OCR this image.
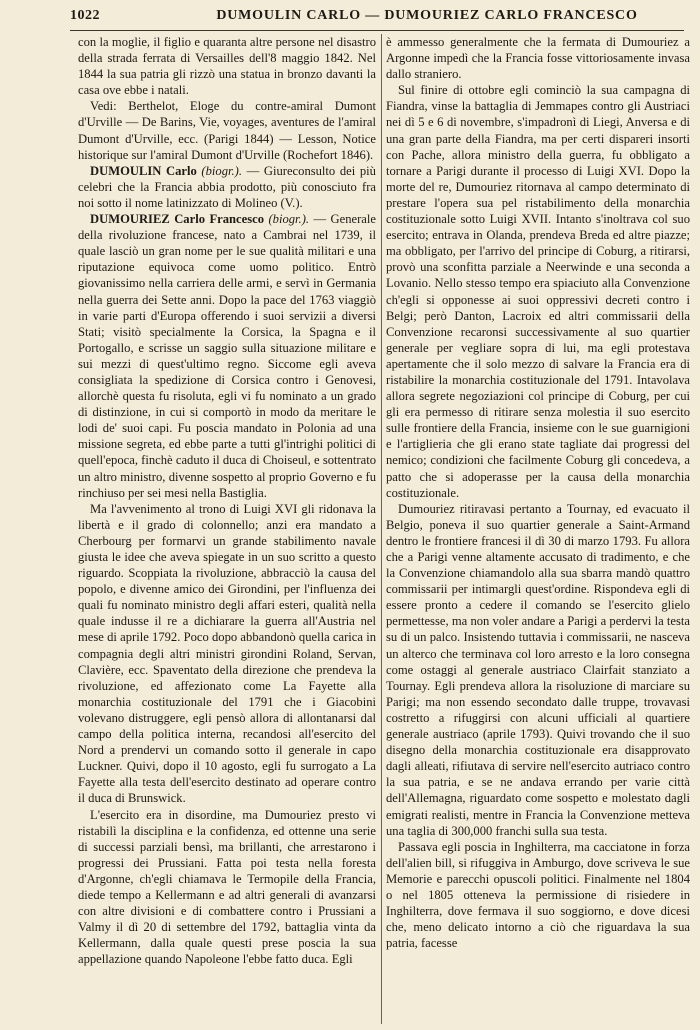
1022	DUMOULIN CARLO — DUMOURIEZ CARLO FRANCESCO

con la moglie, il figlio e quaranta altre persone nel disastro della strada ferrata di Versailles dell'8 maggio 1842. Nel 1844 la sua patria gli rizzò una statua in bronzo davanti la casa ove ebbe i natali.

Vedi: Berthelot, Eloge du contre-amiral Dumont d'Urville — De Barins, Vie, voyages, aventures de l'amiral Dumont d'Urville, ecc. (Parigi 1844) — Lesson, Notice historique sur l'amiral Dumont d'Urville (Rochefort 1846).

DUMOULIN Carlo (biogr.). — Giureconsulto dei più celebri che la Francia abbia prodotto, più conosciuto fra noi sotto il nome latinizzato di Molineo (V.).

DUMOURIEZ Carlo Francesco (biogr.). — Generale della rivoluzione francese, nato a Cambrai nel 1739, il quale lasciò un gran nome per le sue qualità militari e una riputazione equivoca come uomo politico. Entrò giovanissimo nella carriera delle armi, e servì in Germania nella guerra dei Sette anni. Dopo la pace del 1763 viaggiò in varie parti d'Europa offerendo i suoi servizii a diversi Stati; visitò specialmente la Corsica, la Spagna e il Portogallo, e scrisse un saggio sulla situazione militare e sui mezzi di quest'ultimo regno. Siccome egli aveva consigliata la spedizione di Corsica contro i Genovesi, allorchè questa fu risoluta, egli vi fu nominato a un grado di distinzione, in cui si comportò in modo da meritare le lodi de' suoi capi. Fu poscia mandato in Polonia ad una missione segreta, ed ebbe parte a tutti gl'intrighi politici di quell'epoca, finchè caduto il duca di Choiseul, e sottentrato un altro ministro, divenne sospetto al proprio Governo e fu rinchiuso per sei mesi nella Bastiglia.

Ma l'avvenimento al trono di Luigi XVI gli ridonava la libertà e il grado di colonnello; anzi era mandato a Cherbourg per formarvi un grande stabilimento navale giusta le idee che aveva spiegate in un suo scritto a questo riguardo. Scoppiata la rivoluzione, abbracciò la causa del popolo, e divenne amico dei Girondini, per l'influenza dei quali fu nominato ministro degli affari esteri, qualità nella quale indusse il re a dichiarare la guerra all'Austria nel mese di aprile 1792. Poco dopo abbandonò quella carica in compagnia degli altri ministri girondini Roland, Servan, Clavière, ecc. Spaventato della direzione che prendeva la rivoluzione, ed affezionato come La Fayette alla monarchia costituzionale del 1791 che i Giacobini volevano distruggere, egli pensò allora di allontanarsi dal campo della politica interna, recandosi all'esercito del Nord a prendervi un comando sotto il generale in capo Luckner. Quivi, dopo il 10 agosto, egli fu surrogato a La Fayette alla testa dell'esercito destinato ad operare contro il duca di Brunswick.

L'esercito era in disordine, ma Dumouriez presto vi ristabilì la disciplina e la confidenza, ed ottenne una serie di successi parziali bensì, ma brillanti, che arrestarono i progressi dei Prussiani. Fatta poi testa nella foresta d'Argonne, ch'egli chiamava le Termopile della Francia, diede tempo a Kellermann e ad altri generali di avanzarsi con altre divisioni e di combattere contro i Prussiani a Valmy il dì 20 di settembre del 1792, battaglia vinta da Kellermann, dalla quale questi prese poscia la sua appellazione quando Napoleone l'ebbe fatto duca. Egli

è ammesso generalmente che la fermata di Dumouriez a Argonne impedì che la Francia fosse vittoriosamente invasa dallo straniero.

Sul finire di ottobre egli cominciò la sua campagna di Fiandra, vinse la battaglia di Jemmapes contro gli Austriaci nei dì 5 e 6 di novembre, s'impadronì di Liegi, Anversa e di una gran parte della Fiandra, ma per certi dispareri insorti con Pache, allora ministro della guerra, fu obbligato a tornare a Parigi durante il processo di Luigi XVI. Dopo la morte del re, Dumouriez ritornava al campo determinato di prestare l'opera sua pel ristabilimento della monarchia costituzionale sotto Luigi XVII. Intanto s'inoltrava col suo esercito; entrava in Olanda, prendeva Breda ed altre piazze; ma obbligato, per l'arrivo del principe di Coburg, a ritirarsi, provò una sconfitta parziale a Neerwinde e una seconda a Lovanio. Nello stesso tempo era spiaciuto alla Convenzione ch'egli si opponesse ai suoi oppressivi decreti contro i Belgi; però Danton, Lacroix ed altri commissarii della Convenzione recaronsi successivamente al suo quartier generale per vegliare sopra di lui, ma egli protestava apertamente che il solo mezzo di salvare la Francia era di ristabilire la monarchia costituzionale del 1791. Intavolava allora segrete negoziazioni col principe di Coburg, per cui gli era permesso di ritirare senza molestia il suo esercito sulle frontiere della Francia, insieme con le sue guarnigioni e l'artiglieria che gli erano state tagliate dai progressi del nemico; condizioni che facilmente Coburg gli concedeva, a patto che si adoperasse per la causa della monarchia costituzionale.

Dumouriez ritiravasi pertanto a Tournay, ed evacuato il Belgio, poneva il suo quartier generale a Saint-Armand dentro le frontiere francesi il dì 30 di marzo 1793. Fu allora che a Parigi venne altamente accusato di tradimento, e che la Convenzione chiamandolo alla sua sbarra mandò quattro commissarii per intimargli quest'ordine. Rispondeva egli di essere pronto a cedere il comando se l'esercito glielo permettesse, ma non voler andare a Parigi a perdervi la testa su di un palco. Insistendo tuttavia i commissarii, ne nasceva un alterco che terminava col loro arresto e la loro consegna come ostaggi al generale austriaco Clairfait stanziato a Tournay. Egli prendeva allora la risoluzione di marciare su Parigi; ma non essendo secondato dalle truppe, trovavasi costretto a rifuggirsi con alcuni ufficiali al quartiere generale austriaco (aprile 1793). Quivi trovando che il suo disegno della monarchia costituzionale era disapprovato dagli alleati, rifiutava di servire nell'esercito autriaco contro la sua patria, e se ne andava errando per varie città dell'Allemagna, riguardato come sospetto e molestato dagli emigrati realisti, mentre in Francia la Convenzione metteva una taglia di 300,000 franchi sulla sua testa.

Passava egli poscia in Inghilterra, ma cacciatone in forza dell'alien bill, si rifuggiva in Amburgo, dove scriveva le sue Memorie e parecchi opuscoli politici. Finalmente nel 1804 o nel 1805 otteneva la permissione di risiedere in Inghilterra, dove fermava il suo soggiorno, e dove dicesi che, meno delicato intorno a ciò che riguardava la sua patria, facesse
